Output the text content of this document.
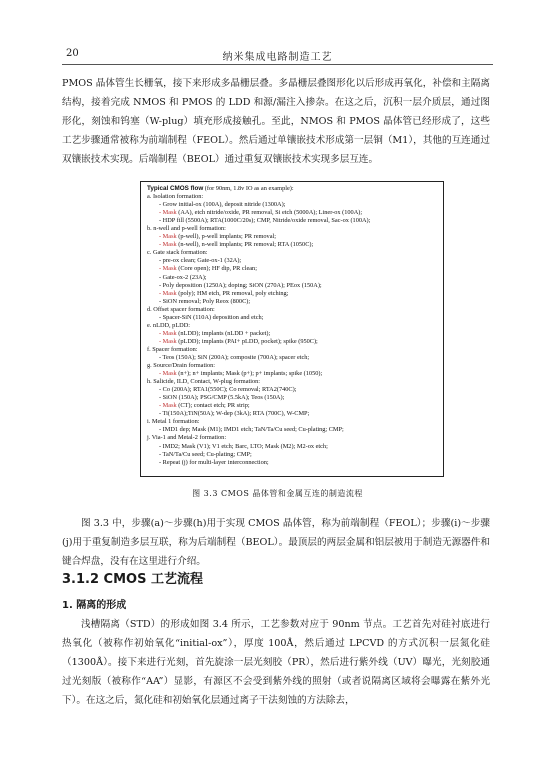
20	纳米集成电路制造工艺

PMOS 晶体管生长栅氧，接下来形成多晶栅层叠。多晶栅层叠图形化以后形成再氧化，补偿和主隔离结构，接着完成 NMOS 和 PMOS 的 LDD 和源/漏注入掺杂。在这之后，沉积一层介质层，通过图形化，刻蚀和钨塞（W-plug）填充形成接触孔。至此，NMOS 和 PMOS 晶体管已经形成了，这些工艺步骤通常被称为前端制程（FEOL）。然后通过单镶嵌技术形成第一层铜（M1），其他的互连通过双镶嵌技术实现。后端制程（BEOL）通过重复双镶嵌技术实现多层互连。

Typical CMOS flow (for 90nm, 1.8v IO as an example):
a. Isolation formation:
- Grow initial-ox (100A), deposit nitride (1300A);
- Mask (AA), etch nitride/oxide, PR removal, Si etch (5000A); Liner-ox (100A);
- HDP fill (5500A); RTA(1000C/20s); CMP, Nitride/oxide removal, Sac-ox (100A);
b. n-well and p-well formation:
- Mask (p-well), p-well implants; PR removal;
- Mask (n-well), n-well implants; PR removal; RTA (1050C);
c. Gate stack formation:
- pre-ox clean; Gate-ox-1 (32A);
- Mask (Core open); HF dip, PR clean;
- Gate-ox-2 (23A);
- Poly deposition (1250A); doping; SiON (270A); PEox (150A);
- Mask (poly); HM etch, PR removal, poly etching;
- SiON removal; Poly Reox (800C);
d. Offset spacer formation:
- Spacer-SiN (110A) deposition and etch;
e. nLDD, pLDD:
- Mask (nLDD); implants (nLDD + packet);
- Mask (pLDD); implants (PAI+ pLDD, pocket); spike (950C);
f. Spacer formation:
- Teos (150A); SiN (200A); composite (700A); spacer etch;
g. Source/Drain formation:
- Mask (n+); n+ implants; Mask (p+); p+ implants; spike (1050);
h. Salicide, ILD, Contact, W-plug formation:
- Co (200A); RTA1(550C); Co removal; RTA2(740C);
- SiON (150A); PSG/CMP (5.5kA); Teos (150A);
- Mask (CT); contact etch; PR strip;
- Ti(150A);TiN(50A); W-dep (3kA); RTA (700C), W-CMP;
i. Metal 1 formation:
- IMD1 dep; Mask (M1); IMD1 etch; TaN/Ta/Cu seed; Cu-plating; CMP;
j. Via-1 and Metal-2 formation:
- IMD2; Mask (V1); V1 etch; Barc, LTO; Mask (M2); M2-ox etch;
- TaN/Ta/Cu seed; Cu-plating; CMP;
- Repeat (j) for multi-layer interconnection;
图 3.3 CMOS 晶体管和金属互连的制造流程

图 3.3 中，步骤(a)～步骤(h)用于实现 CMOS 晶体管，称为前端制程（FEOL）；步骤(i)～步骤(j)用于重复制造多层互联，称为后端制程（BEOL）。最顶层的两层金属和铝层被用于制造无源器件和键合焊盘，没有在这里进行介绍。

3.1.2 CMOS 工艺流程
1. 隔离的形成

浅槽隔离（STD）的形成如图 3.4 所示，工艺参数对应于 90nm 节点。工艺首先对硅衬底进行热氧化（被称作初始氧化“initial-ox”），厚度 100Å，然后通过 LPCVD 的方式沉积一层氮化硅（1300Å）。接下来进行光刻，首先旋涂一层光刻胶（PR），然后进行紫外线（UV）曝光，光刻胶通过光刻版（被称作“AA”）显影，有源区不会受到紫外线的照射（或者说隔离区域将会曝露在紫外光下）。在这之后，氮化硅和初始氧化层通过离子干法刻蚀的方法除去，
